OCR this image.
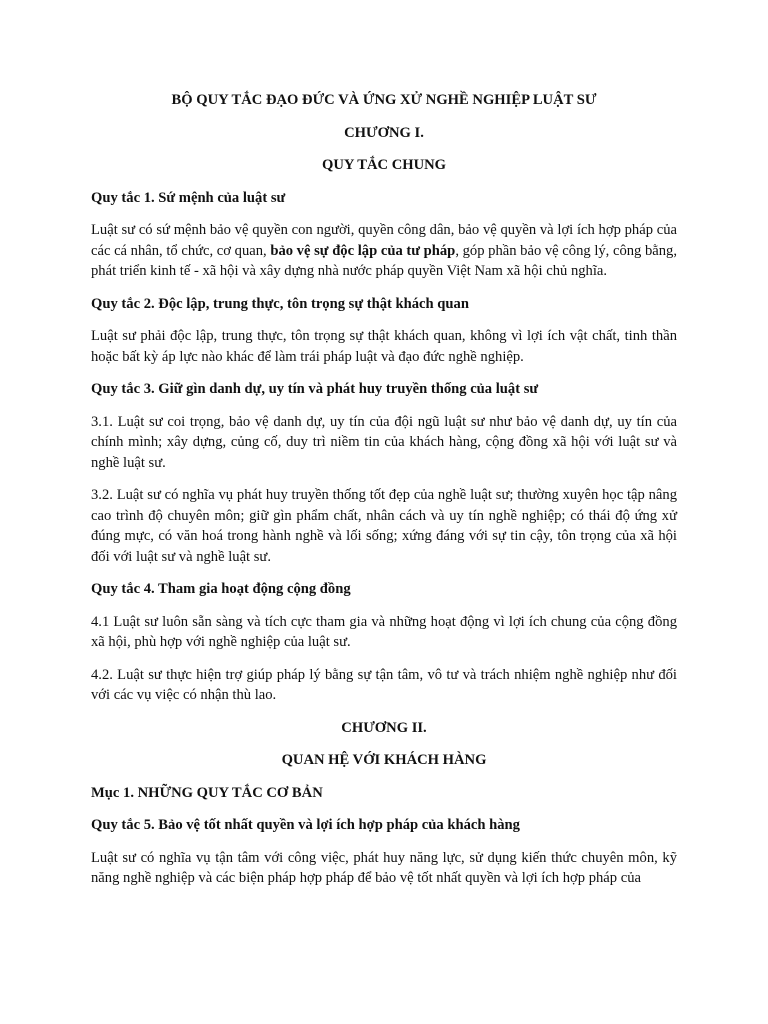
BỘ QUY TẮC ĐẠO ĐỨC VÀ ỨNG XỬ NGHỀ NGHIỆP LUẬT SƯ

CHƯƠNG I.

QUY TẮC CHUNG

Quy tắc 1. Sứ mệnh của luật sư

Luật sư có sứ mệnh bảo vệ quyền con người, quyền công dân, bảo vệ quyền và lợi ích hợp pháp của các cá nhân, tổ chức, cơ quan, bảo vệ sự độc lập của tư pháp, góp phần bảo vệ công lý, công bằng, phát triển kinh tế - xã hội và xây dựng nhà nước pháp quyền Việt Nam xã hội chủ nghĩa.

Quy tắc 2. Độc lập, trung thực, tôn trọng sự thật khách quan

Luật sư phải độc lập, trung thực, tôn trọng sự thật khách quan, không vì lợi ích vật chất, tinh thần hoặc bất kỳ áp lực nào khác để làm trái pháp luật và đạo đức nghề nghiệp.

Quy tắc 3. Giữ gìn danh dự, uy tín và phát huy truyền thống của luật sư

3.1. Luật sư coi trọng, bảo vệ danh dự, uy tín của đội ngũ luật sư như bảo vệ danh dự, uy tín của chính mình; xây dựng, củng cố, duy trì niềm tin của khách hàng, cộng đồng xã hội với luật sư và nghề luật sư.

3.2. Luật sư có nghĩa vụ phát huy truyền thống tốt đẹp của nghề luật sư; thường xuyên học tập nâng cao trình độ chuyên môn; giữ gìn phẩm chất, nhân cách và uy tín nghề nghiệp; có thái độ ứng xử đúng mực, có văn hoá trong hành nghề và lối sống; xứng đáng với sự tin cậy, tôn trọng của xã hội đối với luật sư và nghề luật sư.

Quy tắc 4. Tham gia hoạt động cộng đồng

4.1 Luật sư luôn sẵn sàng và tích cực tham gia và những hoạt động vì lợi ích chung của cộng đồng xã hội, phù hợp với nghề nghiệp của luật sư.

4.2. Luật sư thực hiện trợ giúp pháp lý bằng sự tận tâm, vô tư và trách nhiệm nghề nghiệp như đối với các vụ việc có nhận thù lao.

CHƯƠNG II.

QUAN HỆ VỚI KHÁCH HÀNG

Mục 1. NHỮNG QUY TẮC CƠ BẢN

Quy tắc 5. Bảo vệ tốt nhất quyền và lợi ích hợp pháp của khách hàng

Luật sư có nghĩa vụ tận tâm với công việc, phát huy năng lực, sử dụng kiến thức chuyên môn, kỹ năng nghề nghiệp và các biện pháp hợp pháp để bảo vệ tốt nhất quyền và lợi ích hợp pháp của
